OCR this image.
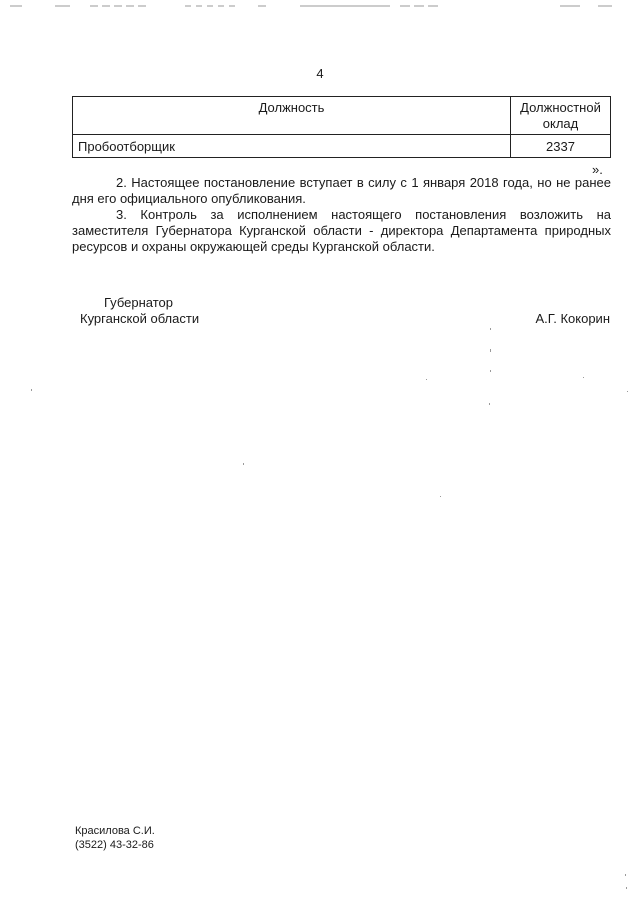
4
Должность	Должностной
оклад
Пробоотборщик	2337
».

2. Настоящее постановление вступает в силу с 1 января 2018 года, но не ранее дня его официального опубликования.

3. Контроль за исполнением настоящего постановления возложить на заместителя Губернатора Курганской области - директора Департамента природных ресурсов и охраны окружающей среды Курганской области.

Губернатор
Курганской области	А.Г. Кокорин
Красилова С.И.
(3522) 43-32-86
